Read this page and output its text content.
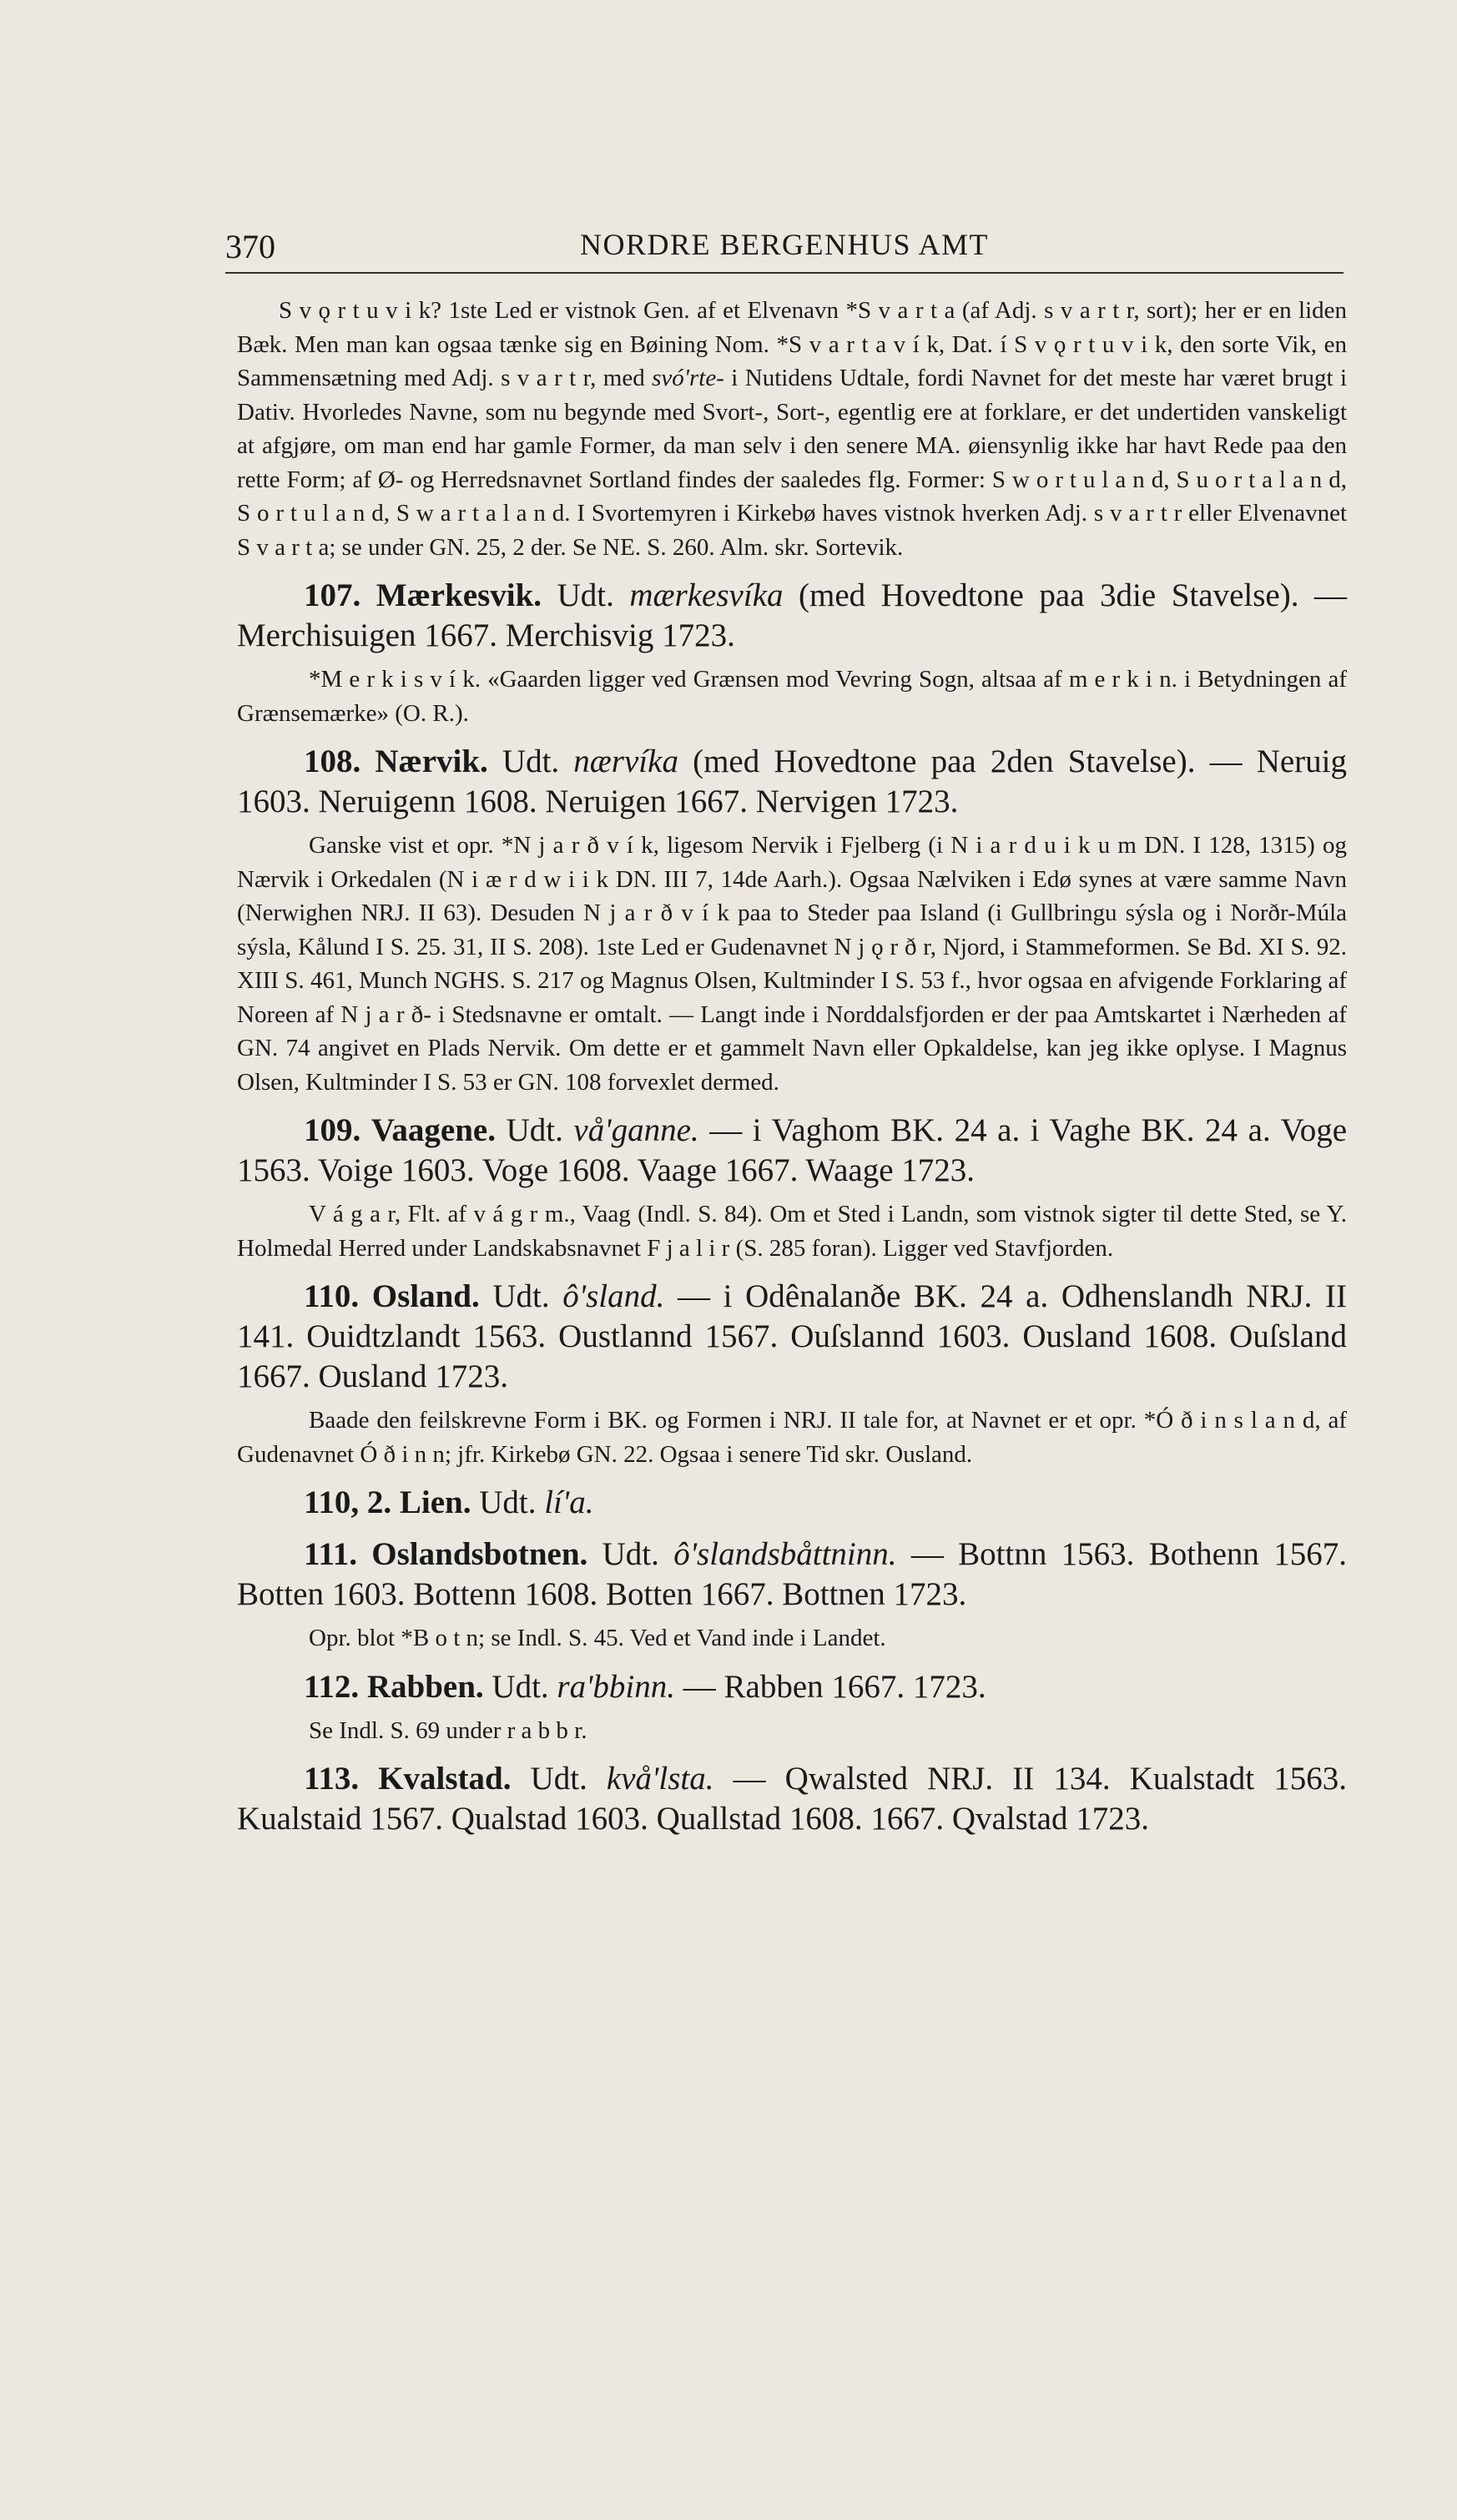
370	NORDRE BERGENHUS AMT

S v ǫ r t u v i k? 1ste Led er vistnok Gen. af et Elvenavn *S v a r t a (af Adj. s v a r t r, sort); her er en liden Bæk. Men man kan ogsaa tænke sig en Bøining Nom. *S v a r t a v í k, Dat. í S v ǫ r t u v i k, den sorte Vik, en Sammensætning med Adj. s v a r t r, med svó'rte- i Nutidens Udtale, fordi Navnet for det meste har været brugt i Dativ. Hvorledes Navne, som nu begynde med Svort-, Sort-, egentlig ere at forklare, er det undertiden vanskeligt at afgjøre, om man end har gamle Former, da man selv i den senere MA. øiensynlig ikke har havt Rede paa den rette Form; af Ø- og Herredsnavnet Sortland findes der saaledes flg. Former: S w o r t u l a n d, S u o r t a l a n d, S o r t u l a n d, S w a r t a l a n d. I Svortemyren i Kirkebø haves vistnok hverken Adj. s v a r t r eller Elvenavnet S v a r t a; se under GN. 25, 2 der. Se NE. S. 260. Alm. skr. Sortevik.

107. Mærkesvik. Udt. mærkesvíka (med Hovedtone paa 3die Stavelse). — Merchisuigen 1667. Merchisvig 1723.

*M e r k i s v í k. «Gaarden ligger ved Grænsen mod Vevring Sogn, altsaa af m e r k i n. i Betydningen af Grænsemærke» (O. R.).

108. Nærvik. Udt. nærvíka (med Hovedtone paa 2den Stavelse). — Neruig 1603. Neruigenn 1608. Neruigen 1667. Nervigen 1723.

Ganske vist et opr. *N j a r ð v í k, ligesom Nervik i Fjelberg (i N i a r d u i k u m DN. I 128, 1315) og Nærvik i Orkedalen (N i æ r d w i i k DN. III 7, 14de Aarh.). Ogsaa Nælviken i Edø synes at være samme Navn (Nerwighen NRJ. II 63). Desuden N j a r ð v í k paa to Steder paa Island (i Gullbringu sýsla og i Norðr-Múla sýsla, Kålund I S. 25. 31, II S. 208). 1ste Led er Gudenavnet N j ǫ r ð r, Njord, i Stammeformen. Se Bd. XI S. 92. XIII S. 461, Munch NGHS. S. 217 og Magnus Olsen, Kultminder I S. 53 f., hvor ogsaa en afvigende Forklaring af Noreen af N j a r ð- i Stedsnavne er omtalt. — Langt inde i Norddalsfjorden er der paa Amtskartet i Nærheden af GN. 74 angivet en Plads Nervik. Om dette er et gammelt Navn eller Opkaldelse, kan jeg ikke oplyse. I Magnus Olsen, Kultminder I S. 53 er GN. 108 forvexlet dermed.

109. Vaagene. Udt. vå'ganne. — i Vaghom BK. 24 a. i Vaghe BK. 24 a. Voge 1563. Voige 1603. Voge 1608. Vaage 1667. Waage 1723.

V á g a r, Flt. af v á g r m., Vaag (Indl. S. 84). Om et Sted i Landn, som vistnok sigter til dette Sted, se Y. Holmedal Herred under Landskabsnavnet F j a l i r (S. 285 foran). Ligger ved Stavfjorden.

110. Osland. Udt. ô'sland. — i Odênalanðe BK. 24 a. Odhenslandh NRJ. II 141. Ouidtzlandt 1563. Oustlannd 1567. Ouſslannd 1603. Ousland 1608. Ouſsland 1667. Ousland 1723.

Baade den feilskrevne Form i BK. og Formen i NRJ. II tale for, at Navnet er et opr. *Ó ð i n s l a n d, af Gudenavnet Ó ð i n n; jfr. Kirkebø GN. 22. Ogsaa i senere Tid skr. Ousland.

110, 2. Lien. Udt. lí'a.

111. Oslandsbotnen. Udt. ô'slandsbåttninn. — Bottnn 1563. Bothenn 1567. Botten 1603. Bottenn 1608. Botten 1667. Bottnen 1723.

Opr. blot *B o t n; se Indl. S. 45. Ved et Vand inde i Landet.

112. Rabben. Udt. ra'bbinn. — Rabben 1667. 1723.

Se Indl. S. 69 under r a b b r.

113. Kvalstad. Udt. kvå'lsta. — Qwalsted NRJ. II 134. Kualstadt 1563. Kualstaid 1567. Qualstad 1603. Quallstad 1608. 1667. Qvalstad 1723.
